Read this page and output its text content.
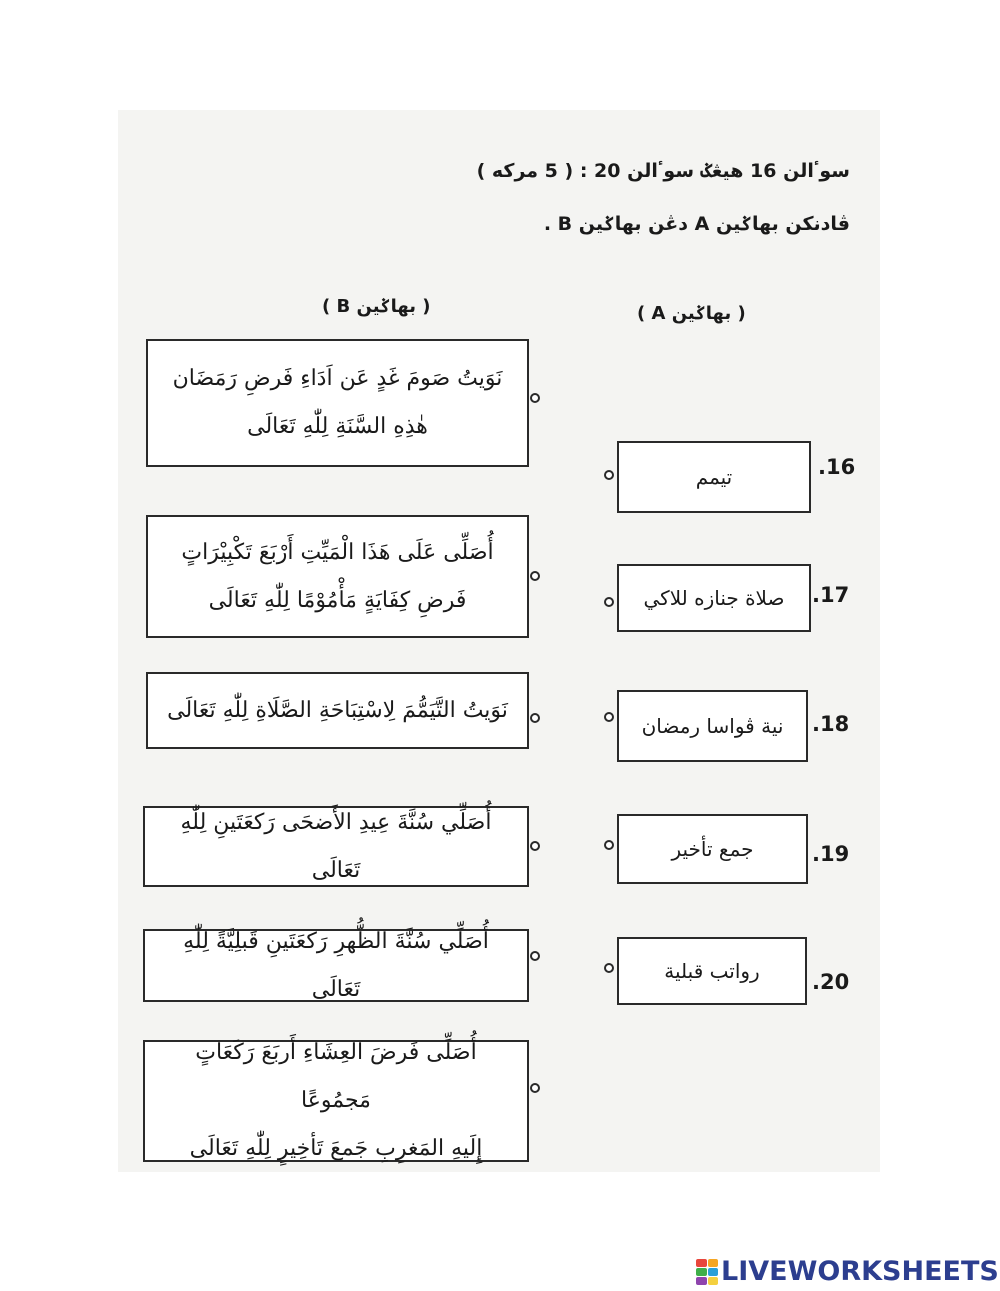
سوٴالن 16 هيڠݢ سوٴالن 20 : ( 5 مرکه )
ڤادنکن بهاݢين A دڠن بهاݢين B .
( بهاݢين B )	( بهاݢين A )
نَوَيتُ صَومَ غَدٍ عَن اَدَاءِ فَرضِ رَمَضَان
هٰذِهِ السَّنَةِ لِلّٰهِ تَعَالَى
أُصَلِّى عَلَى هَذَا الْمَيِّتِ أَرْبَعَ تَكْبِيْرَاتٍ
فَرضِ كِفَايَةٍ مَأْمُوْمًا لِلّٰهِ تَعَالَى
نَوَيتُ التَّيَمُّمَ لِاسْتِبَاحَةِ الصَّلَاةِ لِلّٰهِ تَعَالَى
أُصَلِّي سُنَّةَ عِيدِ الأَضحَى رَكعَتَينِ لِلّٰهِ تَعَالَى
أُصَلِّي سُنَّةَ الظُّهرِ رَكعَتَينِ قَبلِيَّةً لِلّٰهِ تَعَالَى
أُصَلِّى فَرضَ العِشَاءِ أَربَعَ رَكَعَاتٍ مَجمُوعًا
إِلَيهِ المَغرِبِ جَمعَ تَأخِيرٍ لِلّٰهِ تَعَالَى
تيمم	.16
صلاة جنازه للاکي .17
نية ڤواسا رمضان .18
جمع تأخير	.19
رواتب قبلية .20
LIVEWORKSHEETS
